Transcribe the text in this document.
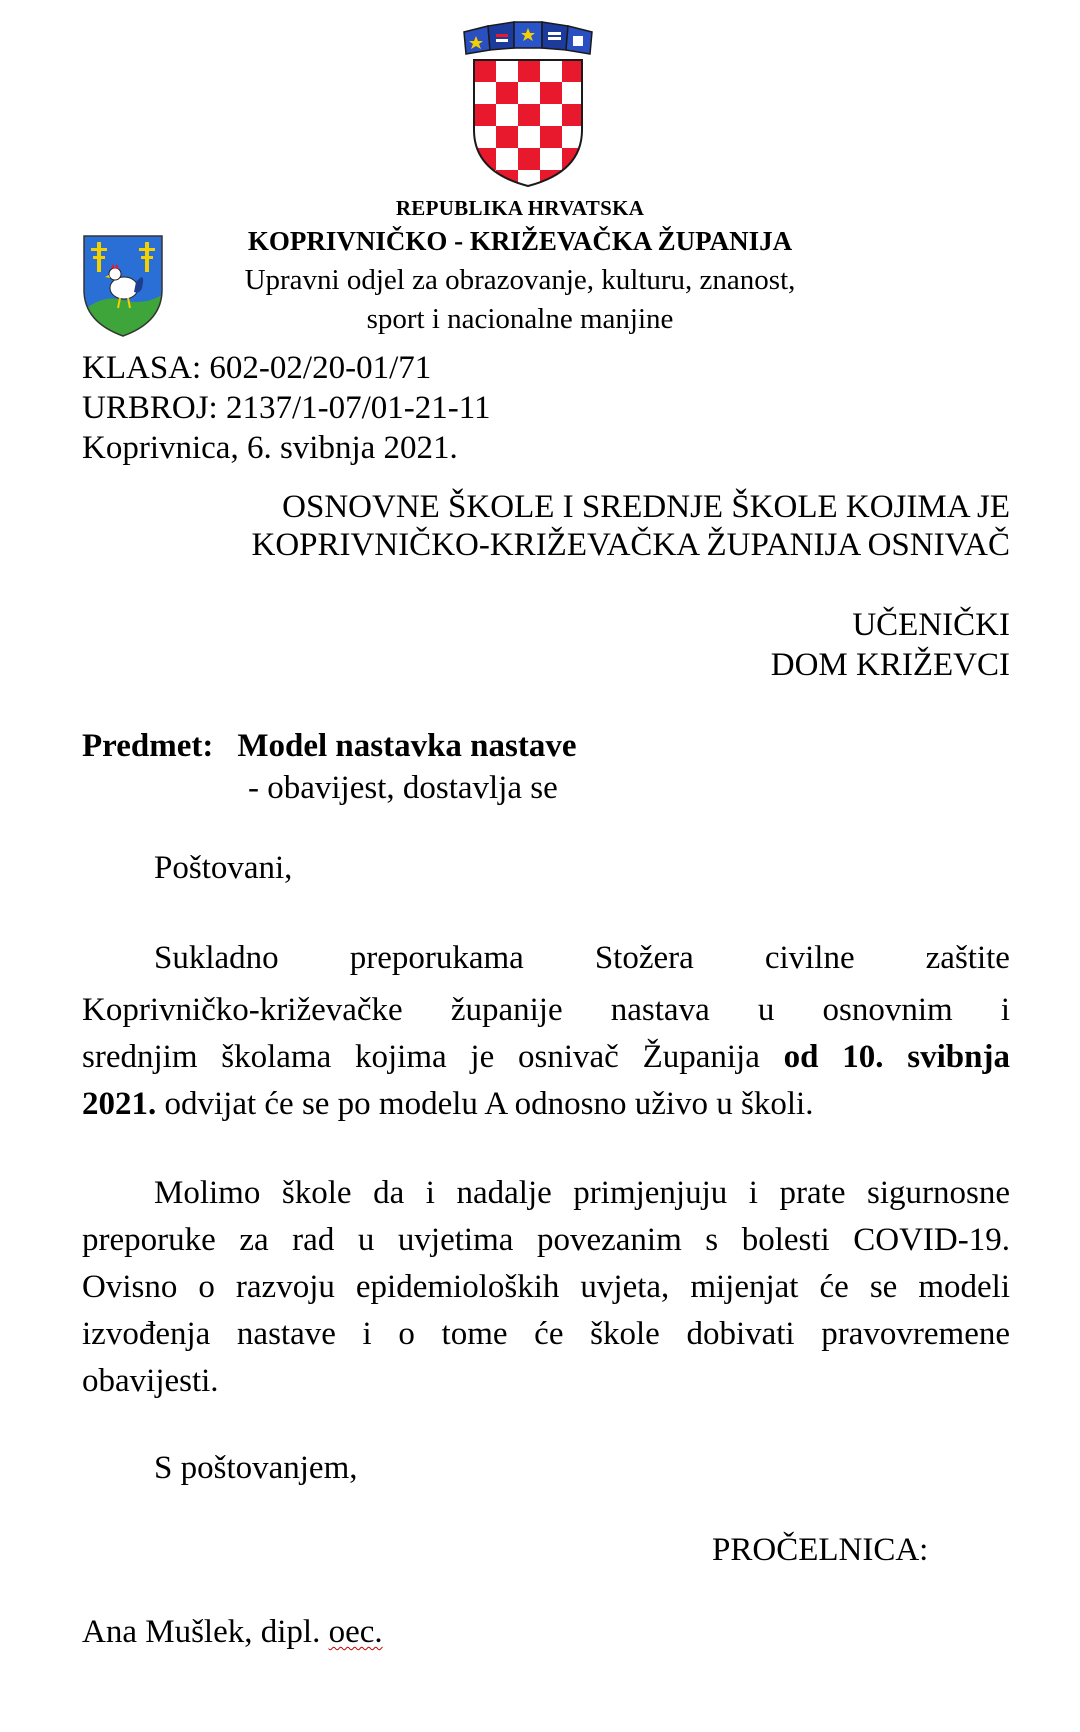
REPUBLIKA HRVATSKA
KOPRIVNIČKO - KRIŽEVAČKA ŽUPANIJA
Upravni odjel za obrazovanje, kulturu, znanost,
sport i nacionalne manjine
KLASA: 602-02/20-01/71
URBROJ: 2137/1-07/01-21-11
Koprivnica, 6. svibnja 2021.
OSNOVNE ŠKOLE I SREDNJE ŠKOLE KOJIMA JE
KOPRIVNIČKO-KRIŽEVAČKA ŽUPANIJA OSNIVAČ
UČENIČKI
DOM KRIŽEVCI
Predmet: Model nastavka nastave
- obavijest, dostavlja se
Poštovani,
Sukladno preporukama Stožera civilne zaštite
Koprivničko-križevačke županije nastava u osnovnim i
srednjim školama kojima je osnivač Županija od 10. svibnja
2021. odvijat će se po modelu A odnosno uživo u školi.
Molimo škole da i nadalje primjenjuju i prate sigurnosne
preporuke za rad u uvjetima povezanim s bolesti COVID-19.
Ovisno o razvoju epidemioloških uvjeta, mijenjat će se modeli
izvođenja nastave i o tome će škole dobivati pravovremene
obavijesti.
S poštovanjem,
PROČELNICA:
Ana Mušlek, dipl. oec.
